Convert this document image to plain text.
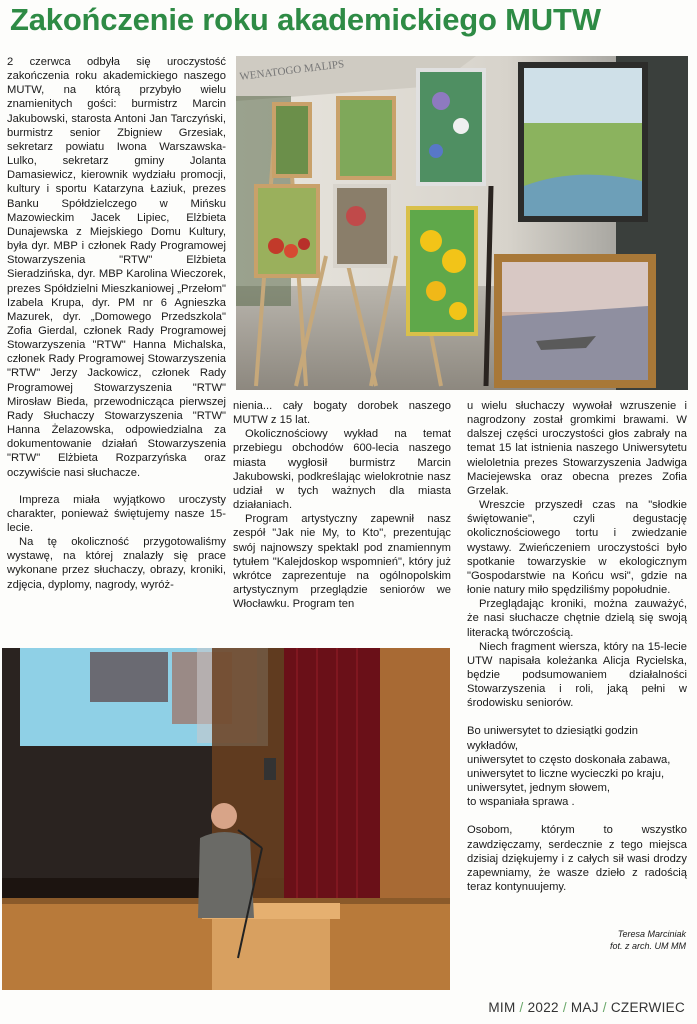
Zakończenie roku akademickiego MUTW

2 czerwca odbyła się uroczystość zakończenia roku akademickiego naszego MUTW, na którą przybyło wielu znamienitych gości: burmistrz Marcin Jakubowski, starosta Antoni Jan Tarczyński, burmistrz senior Zbigniew Grzesiak, sekretarz powiatu Iwona Warszawska-Lulko, sekretarz gminy Jolanta Damasiewicz, kierownik wydziału promocji, kultury i sportu Katarzyna Łaziuk, prezes Banku Spółdzielczego w Mińsku Mazowieckim Jacek Lipiec, Elżbieta Dunajewska z Miejskiego Domu Kultury, była dyr. MBP i członek Rady Programowej Stowarzyszenia "RTW" Elżbieta Sieradzińska, dyr. MBP Karolina Wieczorek, prezes Spółdzielni Mieszkaniowej „Przełom" Izabela Krupa, dyr. PM nr 6 Agnieszka Mazurek, dyr. „Domowego Przedszkola" Zofia Gierdal, członek Rady Programowej Stowarzyszenia "RTW" Hanna Michalska, członek Rady Programowej Stowarzyszenia "RTW" Jerzy Jackowicz, członek Rady Programowej Stowarzyszenia "RTW" Mirosław Bieda, przewodnicząca pierwszej Rady Słuchaczy Stowarzyszenia "RTW" Hanna Żelazowska, odpowiedzialna za dokumentowanie działań Stowarzyszenia "RTW" Elżbieta Rozparzyńska oraz oczywiście nasi słuchacze.

Impreza miała wyjątkowo uroczysty charakter, ponieważ świętujemy nasze 15-lecie.

Na tę okoliczność przygotowaliśmy wystawę, na której znalazły się prace wykonane przez słuchaczy, obrazy, kroniki, zdjęcia, dyplomy, nagrody, wyróż-

nienia... cały bogaty dorobek naszego MUTW z 15 lat.

Okolicznościowy wykład na temat przebiegu obchodów 600-lecia naszego miasta wygłosił burmistrz Marcin Jakubowski, podkreślając wielokrotnie nasz udział w tych ważnych dla miasta działaniach.

Program artystyczny zapewnił nasz zespół "Jak nie My, to Kto", prezentując swój najnowszy spektakl pod znamiennym tytułem "Kalejdoskop wspomnień", który już wkrótce zaprezentuje na ogólnopolskim artystycznym przeglądzie seniorów we Włocławku. Program ten

u wielu słuchaczy wywołał wzruszenie i nagrodzony został gromkimi brawami. W dalszej części uroczystości głos zabrały na temat 15 lat istnienia naszego Uniwersytetu wieloletnia prezes Stowarzyszenia Jadwiga Maciejewska oraz obecna prezes Zofia Grzelak.

Wreszcie przyszedł czas na "słodkie świętowanie", czyli degustację okolicznościowego tortu i zwiedzanie wystawy. Zwieńczeniem uroczystości było spotkanie towarzyskie w ekologicznym "Gospodarstwie na Końcu wsi", gdzie na łonie natury miło spędziliśmy popołudnie.

Przeglądając kroniki, można zauważyć, że nasi słuchacze chętnie dzielą się swoją literacką twórczością.

Niech fragment wiersza, który na 15-lecie UTW napisała koleżanka Alicja Rycielska, będzie podsumowaniem działalności Stowarzyszenia i roli, jaką pełni w środowisku seniorów.

Bo uniwersytet to dziesiątki godzin wykładów,

uniwersytet to często doskonała zabawa,

uniwersytet to liczne wycieczki po kraju,

uniwersytet, jednym słowem,

to wspaniała sprawa .

Osobom, którym to wszystko zawdzięczamy, serdecznie z tego miejsca dzisiaj dziękujemy i z całych sił wasi drodzy zapewniamy, że wasze dzieło z radością teraz kontynuujemy.

Teresa Marciniak
fot. z arch. UM MM
WENATOGO MALIPS
MIM / 2022 / MAJ / CZERWIEC
